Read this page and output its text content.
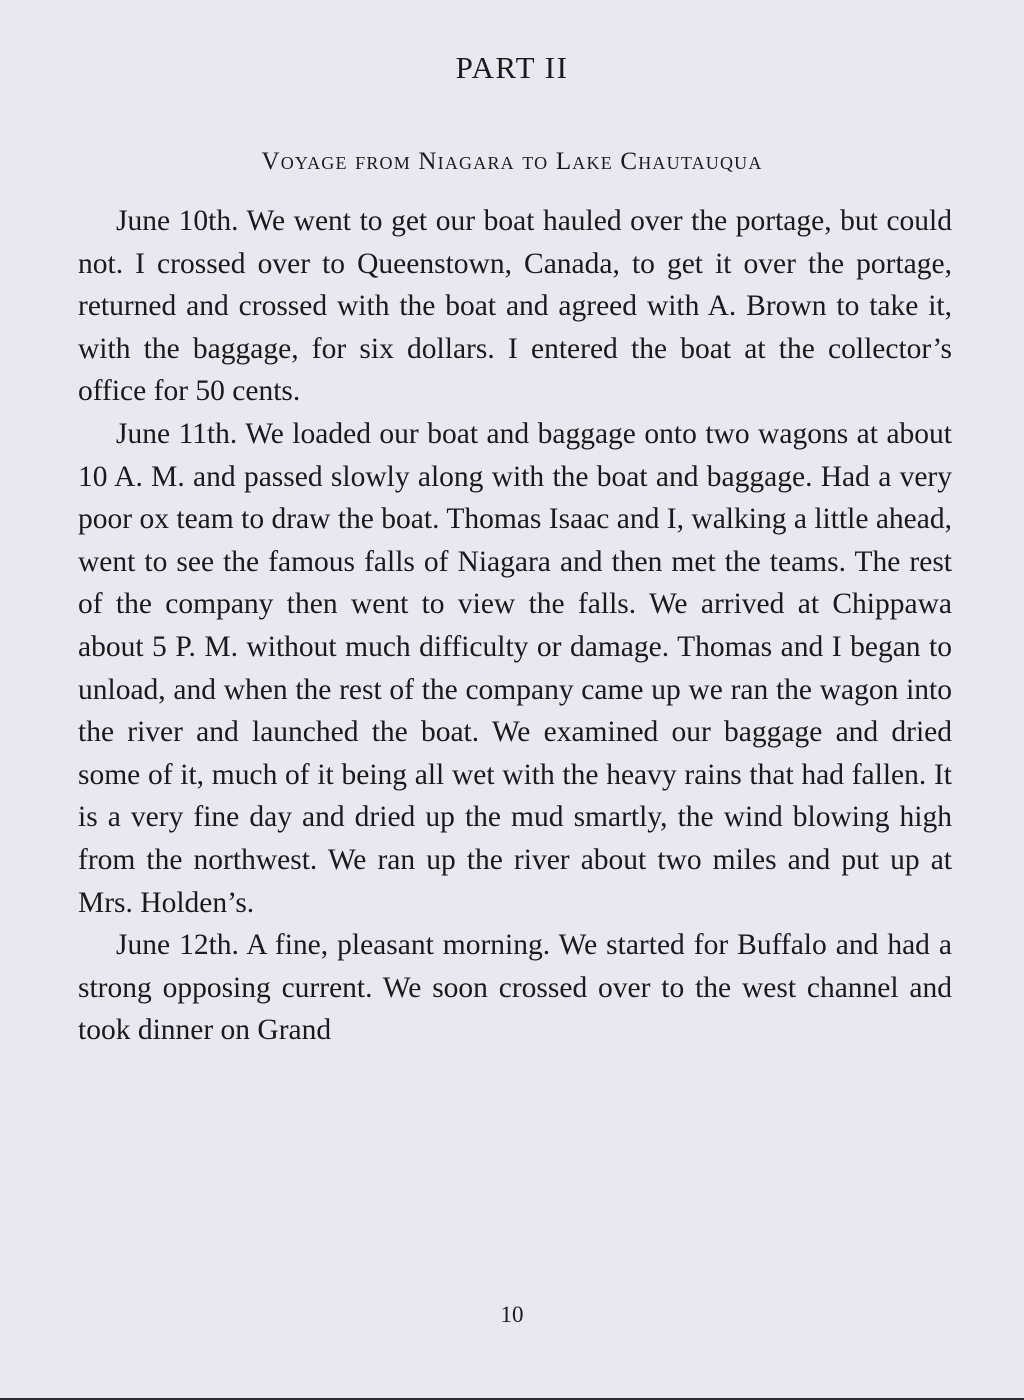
PART II
Voyage from Niagara to Lake Chautauqua

June 10th. We went to get our boat hauled over the portage, but could not. I crossed over to Queenstown, Canada, to get it over the portage, returned and crossed with the boat and agreed with A. Brown to take it, with the baggage, for six dollars. I entered the boat at the collector’s office for 50 cents.

June 11th. We loaded our boat and baggage onto two wagons at about 10 A. M. and passed slowly along with the boat and baggage. Had a very poor ox team to draw the boat. Thomas Isaac and I, walking a little ahead, went to see the famous falls of Niagara and then met the teams. The rest of the company then went to view the falls. We arrived at Chippawa about 5 P. M. without much difficulty or damage. Thomas and I began to unload, and when the rest of the company came up we ran the wagon into the river and launched the boat. We examined our baggage and dried some of it, much of it being all wet with the heavy rains that had fallen. It is a very fine day and dried up the mud smartly, the wind blowing high from the northwest. We ran up the river about two miles and put up at Mrs. Holden’s.

June 12th. A fine, pleasant morning. We started for Buffalo and had a strong opposing current. We soon crossed over to the west channel and took dinner on Grand

10
